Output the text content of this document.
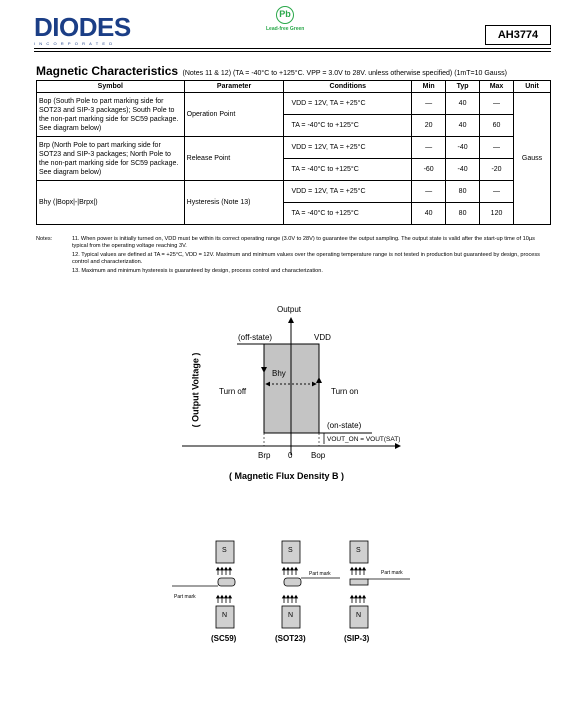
DIODES
INCORPORATED
Pb
Lead-free Green	AH3774
Magnetic Characteristics (Notes 11 & 12) (TA = -40°C to +125°C. VPP = 3.0V to 28V. unless otherwise specified) (1mT=10 Gauss)
Symbol	Parameter	Conditions	Min	Typ	Max	Unit
Bop (South Pole to part marking side for SOT23 and SIP-3 packages); South Pole to the non-part marking side for SC59 package. See diagram below)	Operation Point	VDD = 12V, TA = +25°C	—	40	—	Gauss
		TA = -40°C to +125°C	20	40	60	
Brp (North Pole to part marking side for SOT23 and SIP-3 packages; North Pole to the non-part marking side for SC59 package. See diagram below)	Release Point	VDD = 12V, TA = +25°C	—	-40	—	
		TA = -40°C to +125°C	-60	-40	-20	
Bhy (|Bopx|-|Brpx|)	Hysteresis (Note 13)	VDD = 12V, TA = +25°C	—	80	—	
		TA = -40°C to +125°C	40	80	120	
Notes:	11. When power is initially turned on, VDD must be within its correct operating range (3.0V to 28V) to guarantee the output sampling. The output state is valid after the start-up time of 10µs typical from the operating voltage reaching 3V.
12. Typical values are defined at TA = +25°C, VDD = 12V. Maximum and minimum values over the operating temperature range is not tested in production but guaranteed by design, process control and characterization.
13. Maximum and minimum hysteresis is guaranteed by design, process control and characterization.
Output
(off-state)	VDD
Bhy
Turn off	Turn on
(on-state)
VOUT_ON = VOUT(SAT)
Brp 0 Bop
( Output Voltage )
( Magnetic Flux Density B )
S
N
S
N
S
N
Part mark
Part mark	Part mark
(SC59)	(SOT23)	(SIP-3)
